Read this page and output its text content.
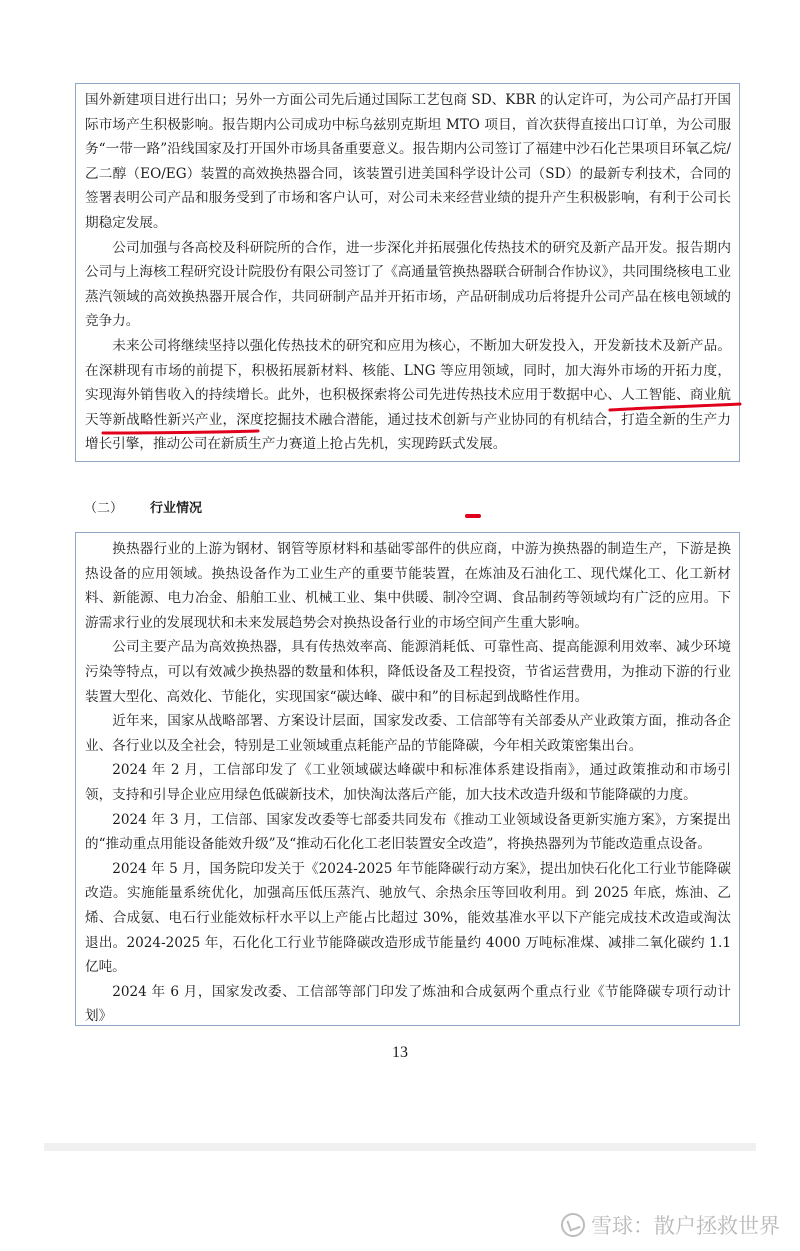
国外新建项目进行出口；另外一方面公司先后通过国际工艺包商 SD、KBR 的认定许可，为公司产品打开国际市场产生积极影响。报告期内公司成功中标乌兹别克斯坦 MTO 项目，首次获得直接出口订单，为公司服务“一带一路”沿线国家及打开国外市场具备重要意义。报告期内公司签订了福建中沙石化芒果项目环氧乙烷/乙二醇（EO/EG）装置的高效换热器合同，该装置引进美国科学设计公司（SD）的最新专利技术，合同的签署表明公司产品和服务受到了市场和客户认可，对公司未来经营业绩的提升产生积极影响，有利于公司长期稳定发展。

公司加强与各高校及科研院所的合作，进一步深化并拓展强化传热技术的研究及新产品开发。报告期内公司与上海核工程研究设计院股份有限公司签订了《高通量管换热器联合研制合作协议》，共同围绕核电工业蒸汽领域的高效换热器开展合作，共同研制产品并开拓市场，产品研制成功后将提升公司产品在核电领域的竞争力。

未来公司将继续坚持以强化传热技术的研究和应用为核心，不断加大研发投入，开发新技术及新产品。在深耕现有市场的前提下，积极拓展新材料、核能、LNG 等应用领域，同时，加大海外市场的开拓力度，实现海外销售收入的持续增长。此外，也积极探索将公司先进传热技术应用于数据中心、人工智能、商业航天等新战略性新兴产业，深度挖掘技术融合潜能，通过技术创新与产业协同的有机结合，打造全新的生产力增长引擎，推动公司在新质生产力赛道上抢占先机，实现跨跃式发展。

（二） 行业情况

换热器行业的上游为钢材、钢管等原材料和基础零部件的供应商，中游为换热器的制造生产，下游是换热设备的应用领域。换热设备作为工业生产的重要节能装置，在炼油及石油化工、现代煤化工、化工新材料、新能源、电力冶金、船舶工业、机械工业、集中供暖、制冷空调、食品制药等领域均有广泛的应用。下游需求行业的发展现状和未来发展趋势会对换热设备行业的市场空间产生重大影响。

公司主要产品为高效换热器，具有传热效率高、能源消耗低、可靠性高、提高能源利用效率、减少环境污染等特点，可以有效减少换热器的数量和体积，降低设备及工程投资，节省运营费用，为推动下游的行业装置大型化、高效化、节能化，实现国家“碳达峰、碳中和”的目标起到战略性作用。

近年来，国家从战略部署、方案设计层面，国家发改委、工信部等有关部委从产业政策方面，推动各企业、各行业以及全社会，特别是工业领域重点耗能产品的节能降碳，今年相关政策密集出台。

2024 年 2 月，工信部印发了《工业领域碳达峰碳中和标准体系建设指南》，通过政策推动和市场引领，支持和引导企业应用绿色低碳新技术，加快淘汰落后产能，加大技术改造升级和节能降碳的力度。

2024 年 3 月，工信部、国家发改委等七部委共同发布《推动工业领域设备更新实施方案》，方案提出的“推动重点用能设备能效升级”及“推动石化化工老旧装置安全改造”，将换热器列为节能改造重点设备。

2024 年 5 月，国务院印发关于《2024-2025 年节能降碳行动方案》，提出加快石化化工行业节能降碳改造。实施能量系统优化，加强高压低压蒸汽、驰放气、余热余压等回收利用。到 2025 年底，炼油、乙烯、合成氨、电石行业能效标杆水平以上产能占比超过 30%，能效基准水平以下产能完成技术改造或淘汰退出。2024-2025 年，石化化工行业节能降碳改造形成节能量约 4000 万吨标准煤、减排二氧化碳约 1.1 亿吨。

2024 年 6 月，国家发改委、工信部等部门印发了炼油和合成氨两个重点行业《节能降碳专项行动计划》

13
雪球：散户拯救世界
